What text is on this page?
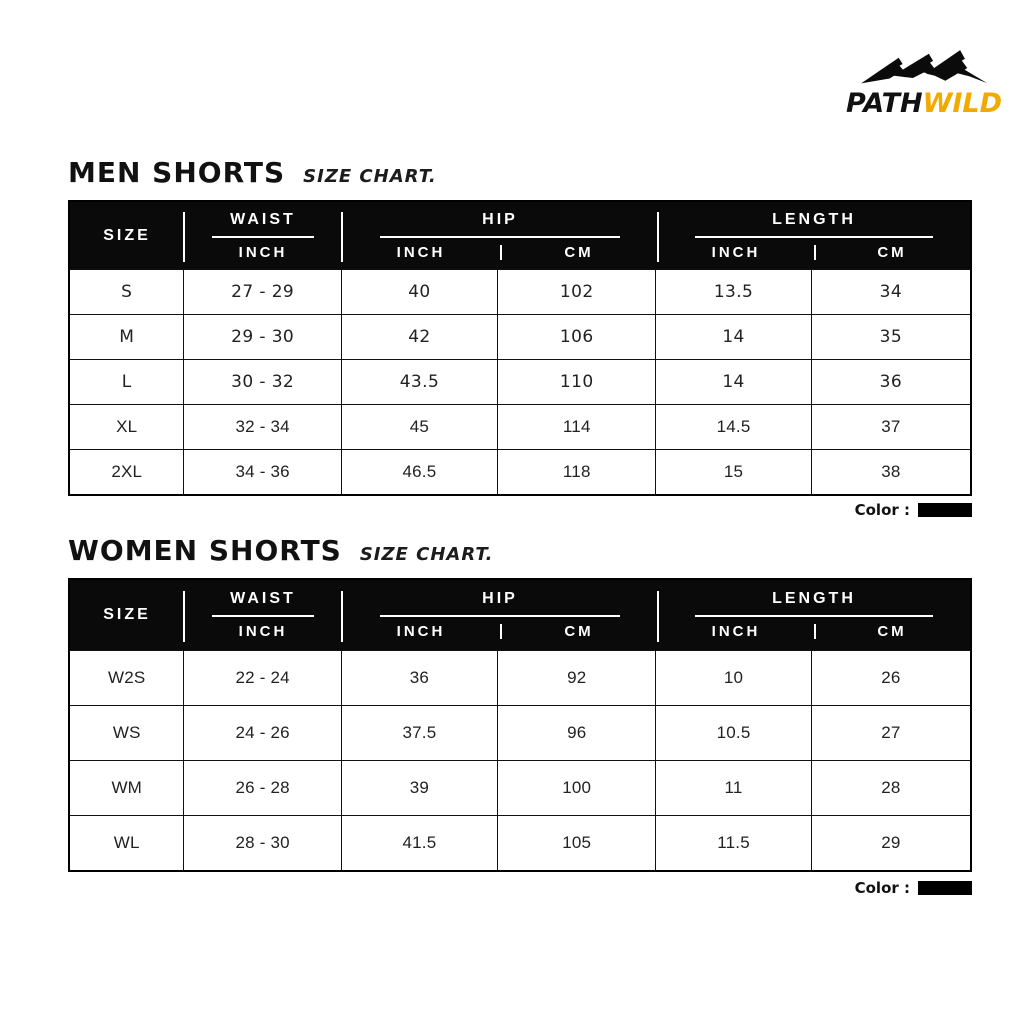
PATHWILD
MEN SHORTS SIZE CHART.
SIZE
WAIST
INCH
HIP
INCH	CM
LENGTH
INCH	CM
S	27 - 29	40	102	13.5	34
M	29 - 30	42	106	14	35
L	30 - 32	43.5	110	14	36
XL	32 - 34	45	114	14.5	37
2XL	34 - 36	46.5	118	15	38
Color :
WOMEN SHORTS SIZE CHART.
SIZE
WAIST
INCH
HIP
INCH	CM
LENGTH
INCH	CM
W2S	22 - 24	36	92	10	26
WS	24 - 26	37.5	96	10.5	27
WM	26 - 28	39	100	11	28
WL	28 - 30	41.5	105	11.5	29
Color :
